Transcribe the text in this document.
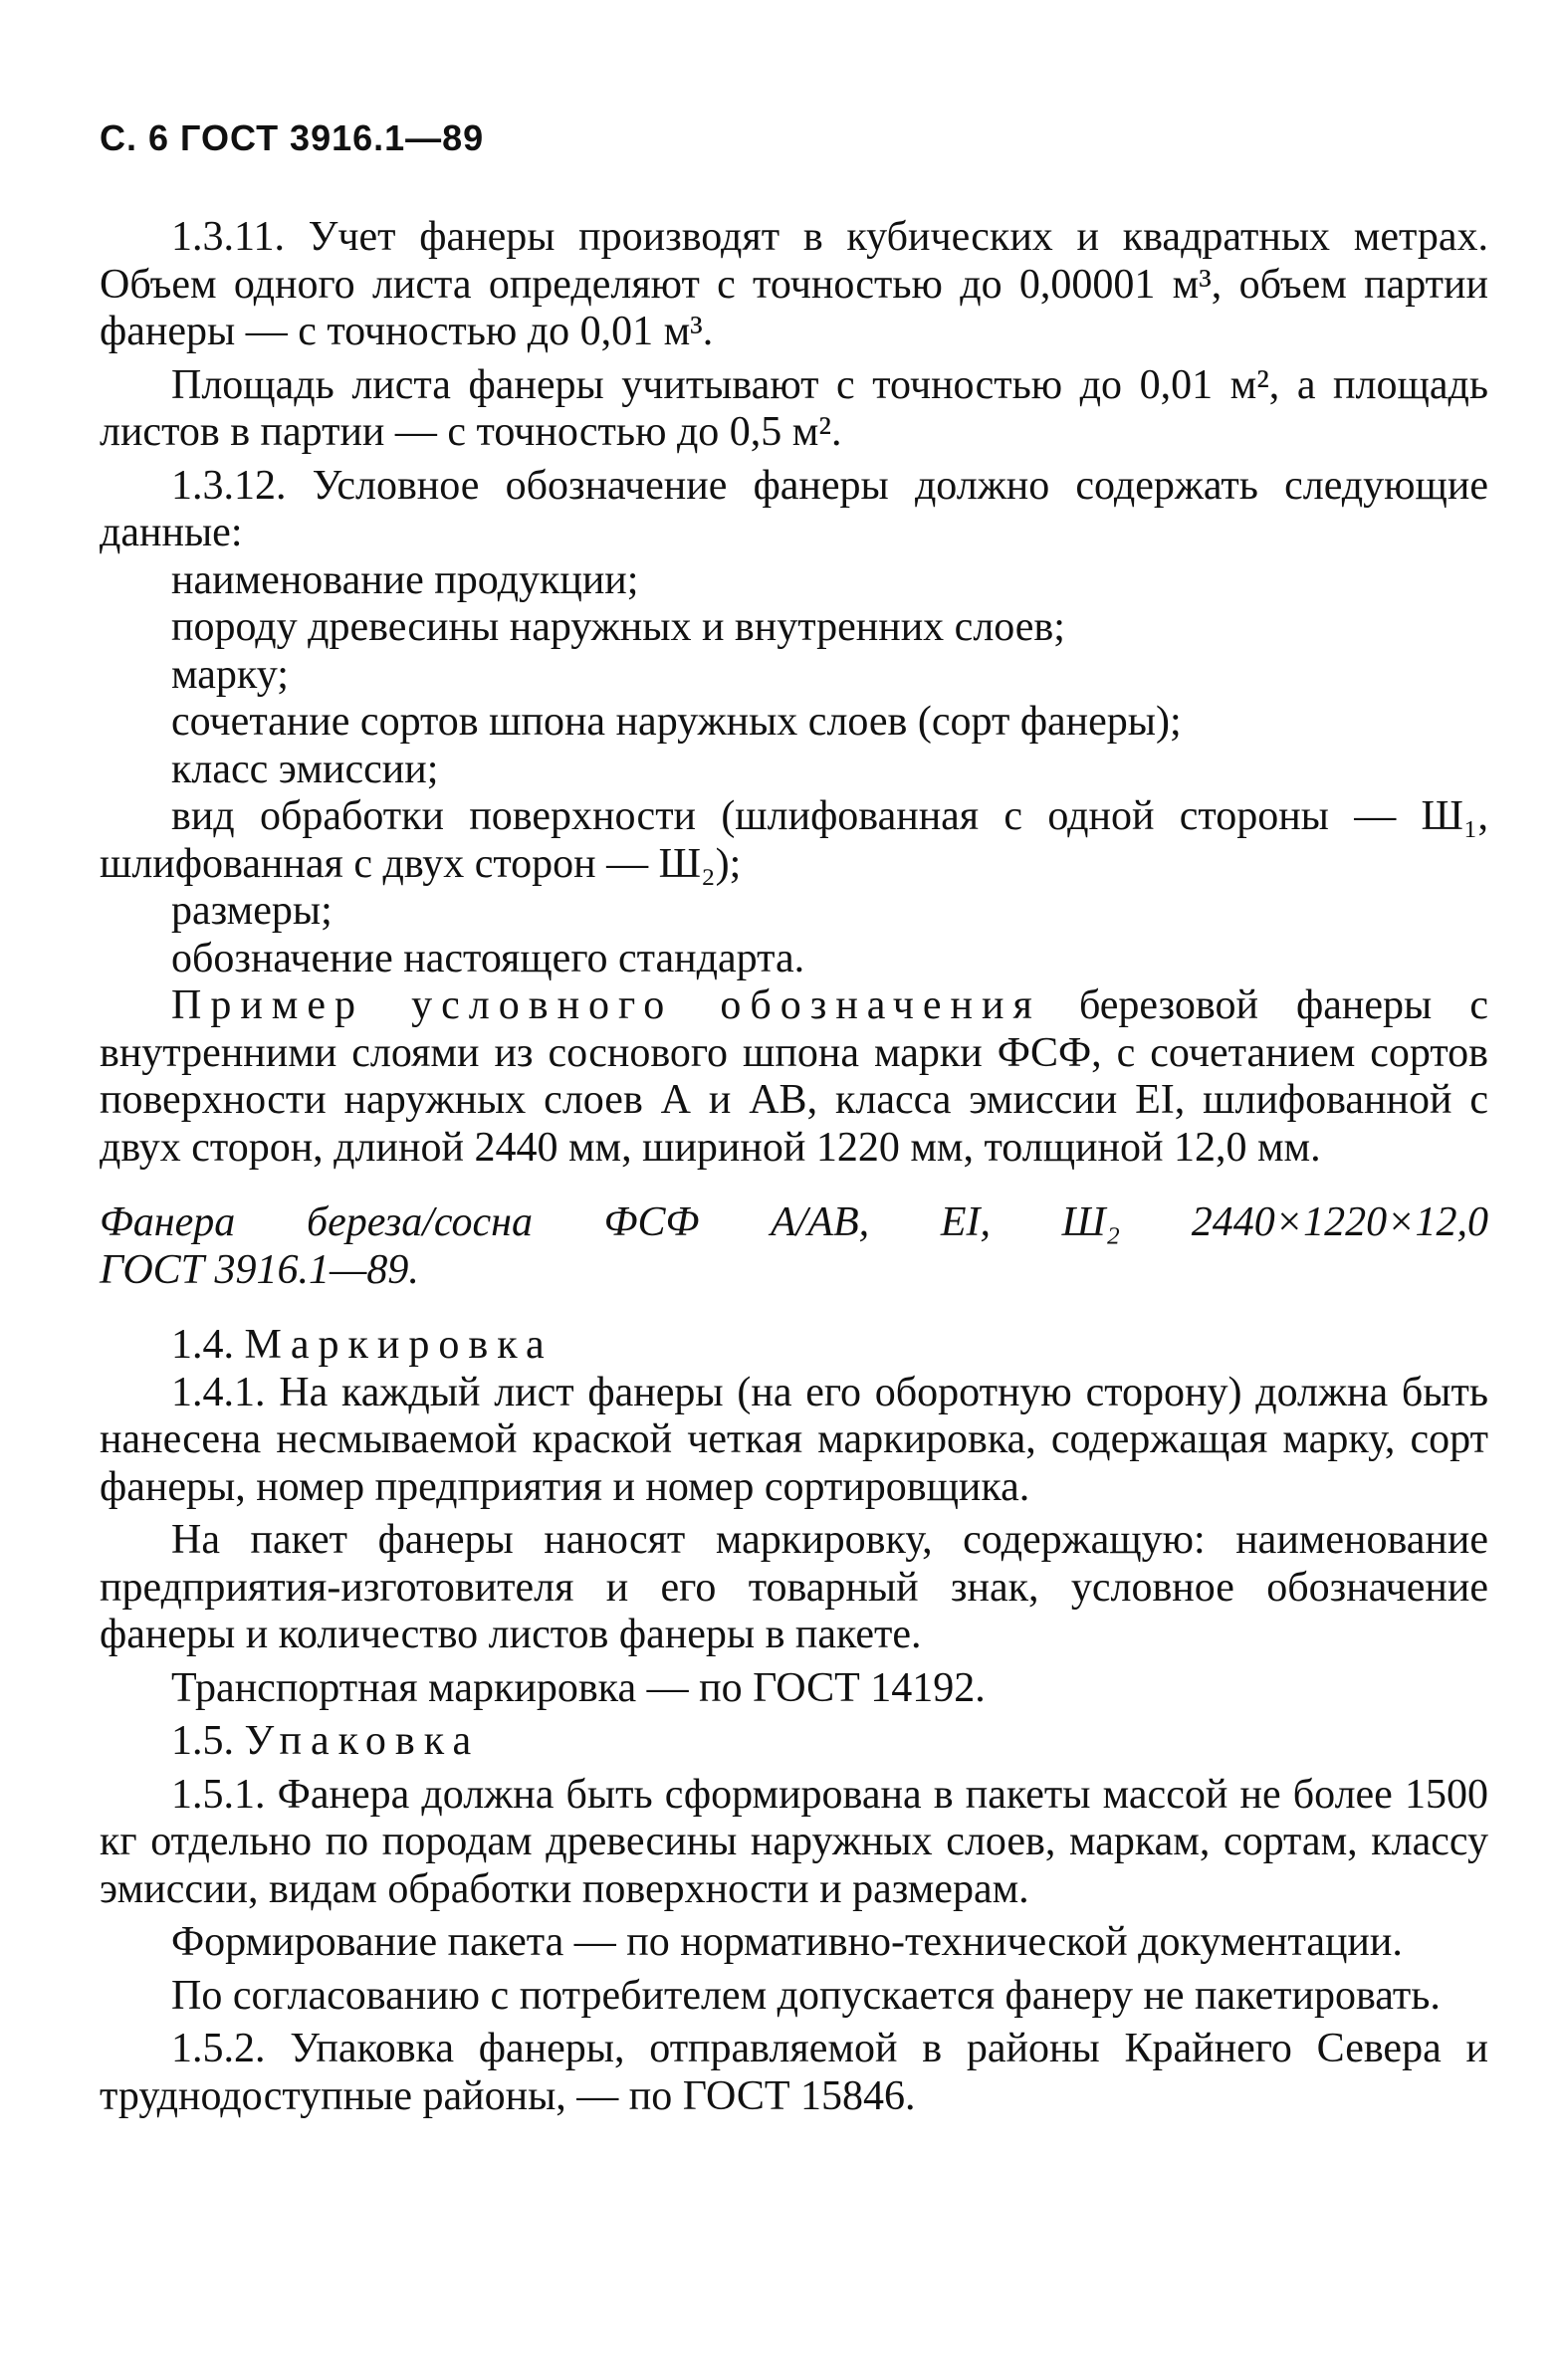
С. 6 ГОСТ 3916.1—89

1.3.11. Учет фанеры производят в кубических и квадратных метрах. Объем одного листа определяют с точностью до 0,00001 м³, объем партии фанеры — с точностью до 0,01 м³.

Площадь листа фанеры учитывают с точностью до 0,01 м², а площадь листов в партии — с точностью до 0,5 м².

1.3.12. Условное обозначение фанеры должно содержать следующие данные:

наименование продукции;

породу древесины наружных и внутренних слоев;

марку;

сочетание сортов шпона наружных слоев (сорт фанеры);

класс эмиссии;

вид обработки поверхности (шлифованная с одной стороны — Ш₁, шлифованная с двух сторон — Ш₂);

размеры;

обозначение настоящего стандарта.

Пример условного обозначения березовой фанеры с внутренними слоями из соснового шпона марки ФСФ, с сочетанием сортов поверхности наружных слоев А и АВ, класса эмиссии ЕI, шлифованной с двух сторон, длиной 2440 мм, шириной 1220 мм, толщиной 12,0 мм.

Фанера береза/сосна ФСФ А/АВ, ЕI, Ш₂ 2440×1220×12,0

ГОСТ 3916.1—89.

1.4. Маркировка

1.4.1. На каждый лист фанеры (на его оборотную сторону) должна быть нанесена несмываемой краской четкая маркировка, содержащая марку, сорт фанеры, номер предприятия и номер сортировщика.

На пакет фанеры наносят маркировку, содержащую: наименование предприятия-изготовителя и его товарный знак, условное обозначение фанеры и количество листов фанеры в пакете.

Транспортная маркировка — по ГОСТ 14192.

1.5. Упаковка

1.5.1. Фанера должна быть сформирована в пакеты массой не более 1500 кг отдельно по породам древесины наружных слоев, маркам, сортам, классу эмиссии, видам обработки поверхности и размерам.

Формирование пакета — по нормативно-технической документации.

По согласованию с потребителем допускается фанеру не пакетировать.

1.5.2. Упаковка фанеры, отправляемой в районы Крайнего Севера и труднодоступные районы, — по ГОСТ 15846.
